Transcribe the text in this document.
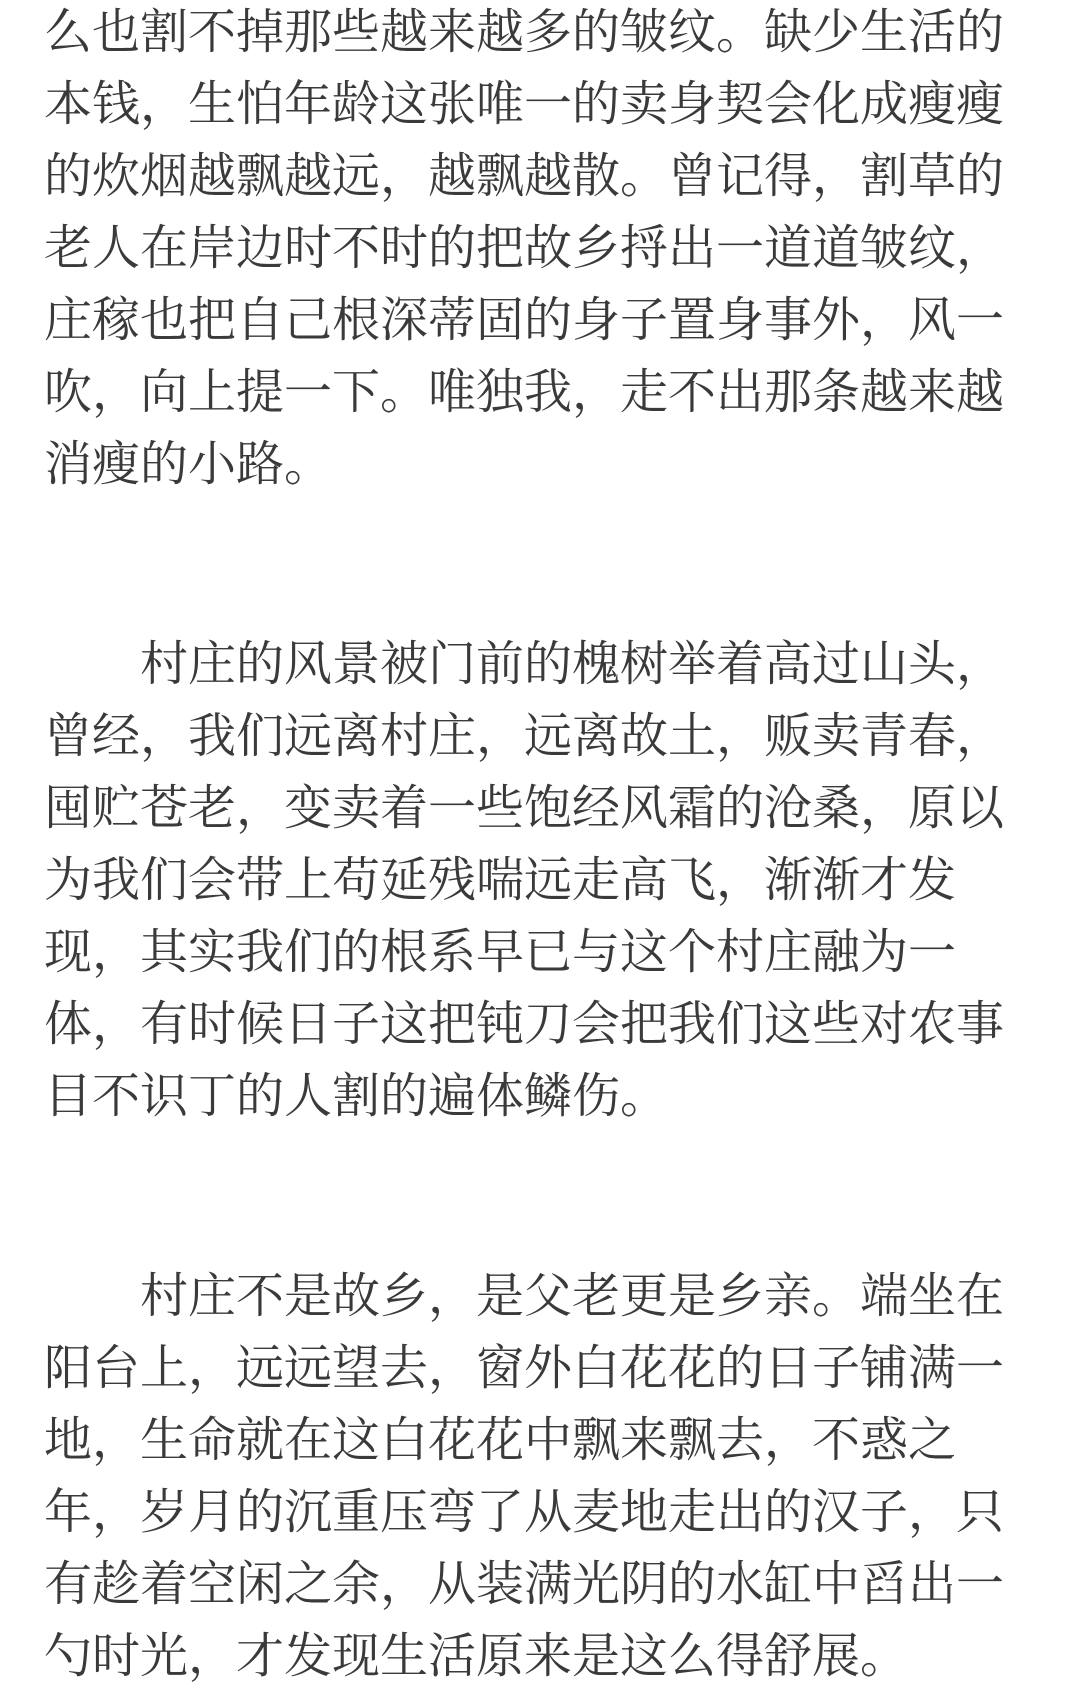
么也割不掉那些越来越多的皱纹。缺少生活的
本钱，生怕年龄这张唯一的卖身契会化成瘦瘦
的炊烟越飘越远，越飘越散。曾记得，割草的
老人在岸边时不时的把故乡捋出一道道皱纹，
庄稼也把自己根深蒂固的身子置身事外，风一
吹，向上提一下。唯独我，走不出那条越来越
消瘦的小路。
村庄的风景被门前的槐树举着高过山头，
曾经，我们远离村庄，远离故土，贩卖青春，
囤贮苍老，变卖着一些饱经风霜的沧桑，原以
为我们会带上苟延残喘远走高飞，渐渐才发
现，其实我们的根系早已与这个村庄融为一
体，有时候日子这把钝刀会把我们这些对农事
目不识丁的人割的遍体鳞伤。
村庄不是故乡，是父老更是乡亲。端坐在
阳台上，远远望去，窗外白花花的日子铺满一
地，生命就在这白花花中飘来飘去，不惑之
年，岁月的沉重压弯了从麦地走出的汉子，只
有趁着空闲之余，从装满光阴的水缸中舀出一
勺时光，才发现生活原来是这么得舒展。
